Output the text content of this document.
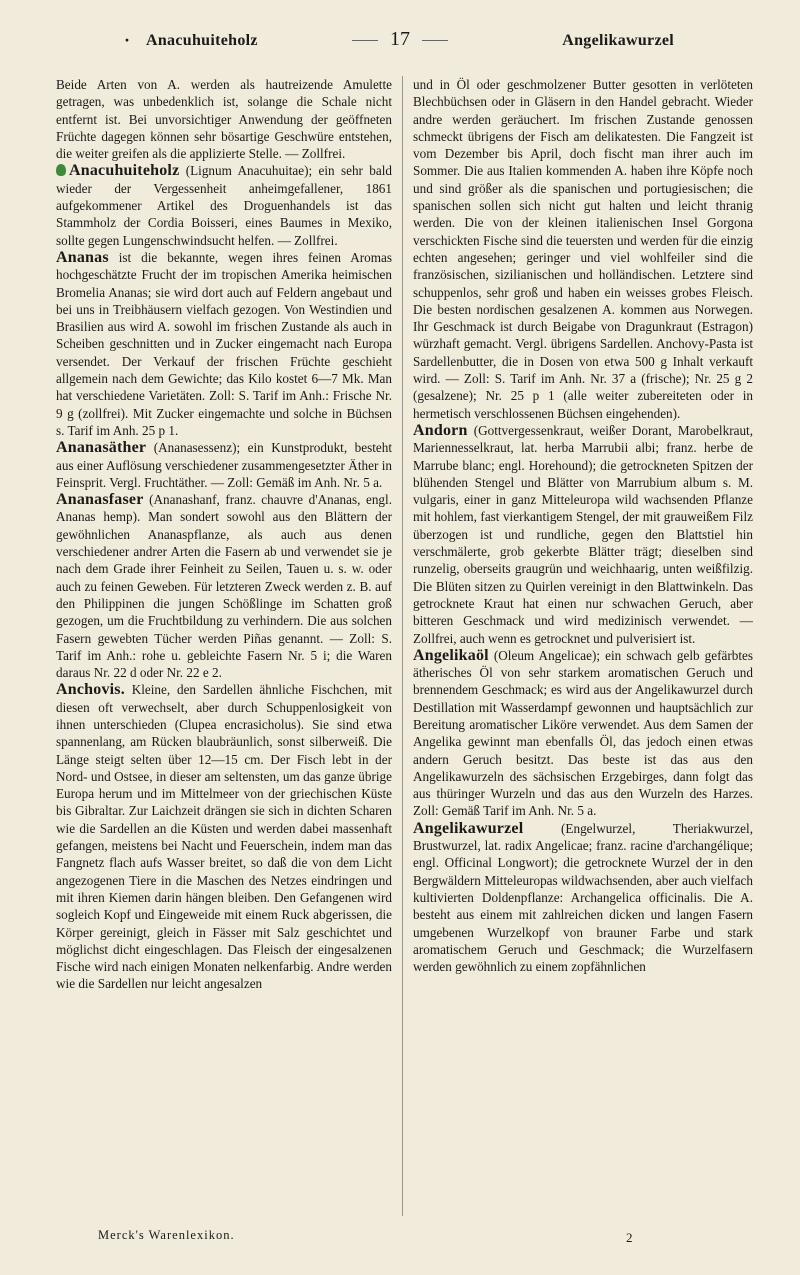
· Anacuhuiteholz	17	Angelikawurzel

Beide Arten von A. werden als hautreizende Amulette getragen, was unbedenklich ist, solange die Schale nicht entfernt ist. Bei unvorsichtiger Anwendung der geöffneten Früchte dagegen können sehr bösartige Geschwüre entstehen, die weiter greifen als die applizierte Stelle. — Zollfrei.

Anacuhuiteholz (Lignum Anacuhuitae); ein sehr bald wieder der Vergessenheit anheimgefallener, 1861 aufgekommener Artikel des Droguenhandels ist das Stammholz der Cordia Boisseri, eines Baumes in Mexiko, sollte gegen Lungenschwindsucht helfen. — Zollfrei.

Ananas ist die bekannte, wegen ihres feinen Aromas hochgeschätzte Frucht der im tropischen Amerika heimischen Bromelia Ananas; sie wird dort auch auf Feldern angebaut und bei uns in Treibhäusern vielfach gezogen. Von Westindien und Brasilien aus wird A. sowohl im frischen Zustande als auch in Scheiben geschnitten und in Zucker eingemacht nach Europa versendet. Der Verkauf der frischen Früchte geschieht allgemein nach dem Gewichte; das Kilo kostet 6—7 Mk. Man hat verschiedene Varietäten. Zoll: S. Tarif im Anh.: Frische Nr. 9 g (zollfrei). Mit Zucker eingemachte und solche in Büchsen s. Tarif im Anh. 25 p 1.

Ananasäther (Ananasessenz); ein Kunstprodukt, besteht aus einer Auflösung verschiedener zusammengesetzter Äther in Feinsprit. Vergl. Fruchtäther. — Zoll: Gemäß im Anh. Nr. 5 a.

Ananasfaser (Ananashanf, franz. chauvre d'Ananas, engl. Ananas hemp). Man sondert sowohl aus den Blättern der gewöhnlichen Ananaspflanze, als auch aus denen verschiedener andrer Arten die Fasern ab und verwendet sie je nach dem Grade ihrer Feinheit zu Seilen, Tauen u. s. w. oder auch zu feinen Geweben. Für letzteren Zweck werden z. B. auf den Philippinen die jungen Schößlinge im Schatten groß gezogen, um die Fruchtbildung zu verhindern. Die aus solchen Fasern gewebten Tücher werden Piñas genannt. — Zoll: S. Tarif im Anh.: rohe u. gebleichte Fasern Nr. 5 i; die Waren daraus Nr. 22 d oder Nr. 22 e 2.

Anchovis. Kleine, den Sardellen ähnliche Fischchen, mit diesen oft verwechselt, aber durch Schuppenlosigkeit von ihnen unterschieden (Clupea encrasicholus). Sie sind etwa spannenlang, am Rücken blaubräunlich, sonst silberweiß. Die Länge steigt selten über 12—15 cm. Der Fisch lebt in der Nord- und Ostsee, in dieser am seltensten, um das ganze übrige Europa herum und im Mittelmeer von der griechischen Küste bis Gibraltar. Zur Laichzeit drängen sie sich in dichten Scharen wie die Sardellen an die Küsten und werden dabei massenhaft gefangen, meistens bei Nacht und Feuerschein, indem man das Fangnetz flach aufs Wasser breitet, so daß die von dem Licht angezogenen Tiere in die Maschen des Netzes eindringen und mit ihren Kiemen darin hängen bleiben. Den Gefangenen wird sogleich Kopf und Eingeweide mit einem Ruck abgerissen, die Körper gereinigt, gleich in Fässer mit Salz geschichtet und möglichst dicht eingeschlagen. Das Fleisch der eingesalzenen Fische wird nach einigen Monaten nelkenfarbig. Andre werden wie die Sardellen nur leicht angesalzen

und in Öl oder geschmolzener Butter gesotten in verlöteten Blechbüchsen oder in Gläsern in den Handel gebracht. Wieder andre werden geräuchert. Im frischen Zustande genossen schmeckt übrigens der Fisch am delikatesten. Die Fangzeit ist vom Dezember bis April, doch fischt man ihrer auch im Sommer. Die aus Italien kommenden A. haben ihre Köpfe noch und sind größer als die spanischen und portugiesischen; die spanischen sollen sich nicht gut halten und leicht thranig werden. Die von der kleinen italienischen Insel Gorgona verschickten Fische sind die teuersten und werden für die einzig echten angesehen; geringer und viel wohlfeiler sind die französischen, sizilianischen und holländischen. Letztere sind schuppenlos, sehr groß und haben ein weisses grobes Fleisch. Die besten nordischen gesalzenen A. kommen aus Norwegen. Ihr Geschmack ist durch Beigabe von Dragunkraut (Estragon) würzhaft gemacht. Vergl. übrigens Sardellen. Anchovy-Pasta ist Sardellenbutter, die in Dosen von etwa 500 g Inhalt verkauft wird. — Zoll: S. Tarif im Anh. Nr. 37 a (frische); Nr. 25 g 2 (gesalzene); Nr. 25 p 1 (alle weiter zubereiteten oder in hermetisch verschlossenen Büchsen eingehenden).

Andorn (Gottvergessenkraut, weißer Dorant, Marobelkraut, Mariennesselkraut, lat. herba Marrubii albi; franz. herbe de Marrube blanc; engl. Horehound); die getrockneten Spitzen der blühenden Stengel und Blätter von Marrubium album s. M. vulgaris, einer in ganz Mitteleuropa wild wachsenden Pflanze mit hohlem, fast vierkantigem Stengel, der mit grauweißem Filz überzogen ist und rundliche, gegen den Blattstiel hin verschmälerte, grob gekerbte Blätter trägt; dieselben sind runzelig, oberseits graugrün und weichhaarig, unten weißfilzig. Die Blüten sitzen zu Quirlen vereinigt in den Blattwinkeln. Das getrocknete Kraut hat einen nur schwachen Geruch, aber bitteren Geschmack und wird medizinisch verwendet. — Zollfrei, auch wenn es getrocknet und pulverisiert ist.

Angelikaöl (Oleum Angelicae); ein schwach gelb gefärbtes ätherisches Öl von sehr starkem aromatischen Geruch und brennendem Geschmack; es wird aus der Angelikawurzel durch Destillation mit Wasserdampf gewonnen und hauptsächlich zur Bereitung aromatischer Liköre verwendet. Aus dem Samen der Angelika gewinnt man ebenfalls Öl, das jedoch einen etwas andern Geruch besitzt. Das beste ist das aus den Angelikawurzeln des sächsischen Erzgebirges, dann folgt das aus thüringer Wurzeln und das aus den Wurzeln des Harzes. Zoll: Gemäß Tarif im Anh. Nr. 5 a.

Angelikawurzel (Engelwurzel, Theriakwurzel, Brustwurzel, lat. radix Angelicae; franz. racine d'archangélique; engl. Officinal Longwort); die getrocknete Wurzel der in den Bergwäldern Mitteleuropas wildwachsenden, aber auch vielfach kultivierten Doldenpflanze: Archangelica officinalis. Die A. besteht aus einem mit zahlreichen dicken und langen Fasern umgebenen Wurzelkopf von brauner Farbe und stark aromatischem Geruch und Geschmack; die Wurzelfasern werden gewöhnlich zu einem zopfähnlichen

Merck's Warenlexikon.	2
